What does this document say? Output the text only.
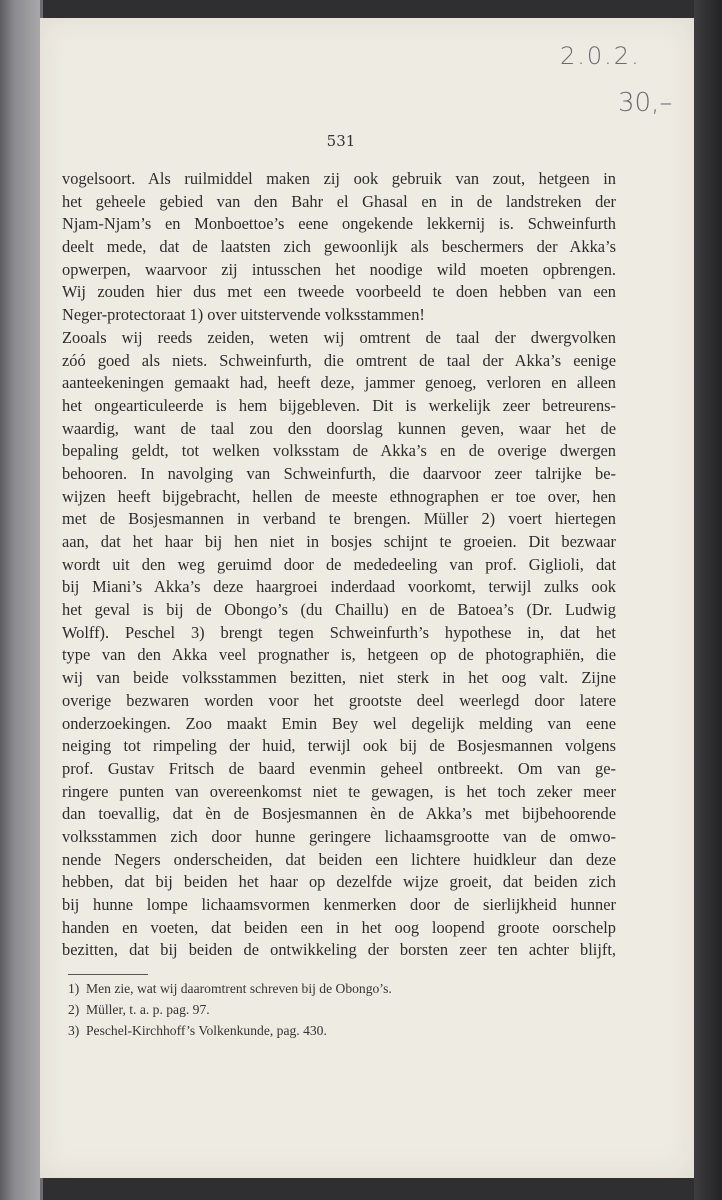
2.0.2.
30,–
531
vogelsoort. Als ruilmiddel maken zij ook gebruik van zout, hetgeen in
het geheele gebied van den Bahr el Ghasal en in de landstreken der
Njam-Njam’s en Monboettoe’s eene ongekende lekkernij is. Schweinfurth
deelt mede, dat de laatsten zich gewoonlijk als beschermers der Akka’s
opwerpen, waarvoor zij intusschen het noodige wild moeten opbrengen.
Wij zouden hier dus met een tweede voorbeeld te doen hebben van een
Neger-protectoraat 1) over uitstervende volksstammen!
Zooals wij reeds zeiden, weten wij omtrent de taal der dwergvolken
zóó goed als niets. Schweinfurth, die omtrent de taal der Akka’s eenige
aanteekeningen gemaakt had, heeft deze, jammer genoeg, verloren en alleen
het ongearticuleerde is hem bijgebleven. Dit is werkelijk zeer betreurens-
waardig, want de taal zou den doorslag kunnen geven, waar het de
bepaling geldt, tot welken volksstam de Akka’s en de overige dwergen
behooren. In navolging van Schweinfurth, die daarvoor zeer talrijke be-
wijzen heeft bijgebracht, hellen de meeste ethnographen er toe over, hen
met de Bosjesmannen in verband te brengen. Müller 2) voert hiertegen
aan, dat het haar bij hen niet in bosjes schijnt te groeien. Dit bezwaar
wordt uit den weg geruimd door de mededeeling van prof. Giglioli, dat
bij Miani’s Akka’s deze haargroei inderdaad voorkomt, terwijl zulks ook
het geval is bij de Obongo’s (du Chaillu) en de Batoea’s (Dr. Ludwig
Wolff). Peschel 3) brengt tegen Schweinfurth’s hypothese in, dat het
type van den Akka veel prognather is, hetgeen op de photographiën, die
wij van beide volksstammen bezitten, niet sterk in het oog valt. Zijne
overige bezwaren worden voor het grootste deel weerlegd door latere
onderzoekingen. Zoo maakt Emin Bey wel degelijk melding van eene
neiging tot rimpeling der huid, terwijl ook bij de Bosjesmannen volgens
prof. Gustav Fritsch de baard evenmin geheel ontbreekt. Om van ge-
ringere punten van overeenkomst niet te gewagen, is het toch zeker meer
dan toevallig, dat èn de Bosjesmannen èn de Akka’s met bijbehoorende
volksstammen zich door hunne geringere lichaamsgrootte van de omwo-
nende Negers onderscheiden, dat beiden een lichtere huidkleur dan deze
hebben, dat bij beiden het haar op dezelfde wijze groeit, dat beiden zich
bij hunne lompe lichaamsvormen kenmerken door de sierlijkheid hunner
handen en voeten, dat beiden een in het oog loopend groote oorschelp
bezitten, dat bij beiden de ontwikkeling der borsten zeer ten achter blijft,
1) Men zie, wat wij daaromtrent schreven bij de Obongo’s.
2) Müller, t. a. p. pag. 97.
3) Peschel-Kirchhoff’s Volkenkunde, pag. 430.
